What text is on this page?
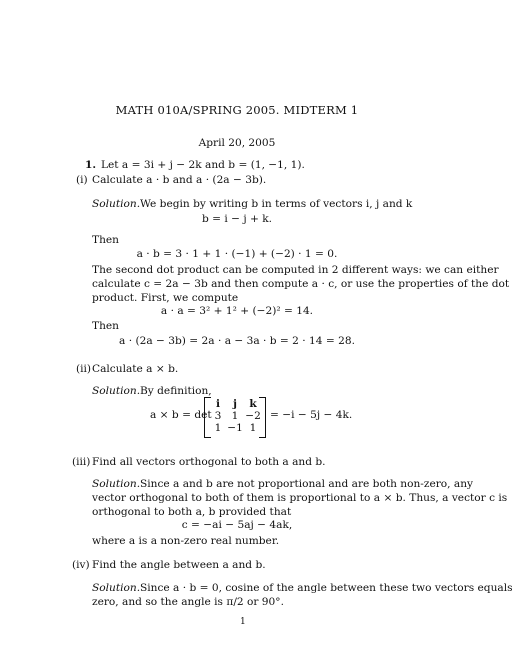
MATH 010A/SPRING 2005. MIDTERM 1
April 20, 2005
1. Let a = 3i + j − 2k and b = (1, −1, 1).
(i) Calculate a · b and a · (2a − 3b).
Solution. We begin by writing b in terms of vectors i, j and k
b = i − j + k.
Then
a · b = 3 · 1 + 1 · (−1) + (−2) · 1 = 0.
The second dot product can be computed in 2 different ways: we can either
calculate c = 2a − 3b and then compute a · c, or use the properties of the dot
product. First, we compute
a · a = 3² + 1² + (−2)² = 14.
Then
a · (2a − 3b) = 2a · a − 3a · b = 2 · 14 = 28.
(ii) Calculate a × b.
Solution. By definition,
a × b = det
i	j	k
3 1 −2
1 −1 1
= −i − 5j − 4k.
(iii) Find all vectors orthogonal to both a and b.
Solution. Since a and b are not proportional and are both non-zero, any
vector orthogonal to both of them is proportional to a × b. Thus, a vector c is
orthogonal to both a, b provided that
c = −ai − 5aj − 4ak,
where a is a non-zero real number.
(iv) Find the angle between a and b.
Solution. Since a · b = 0, cosine of the angle between these two vectors equals
zero, and so the angle is π/2 or 90°.
1
